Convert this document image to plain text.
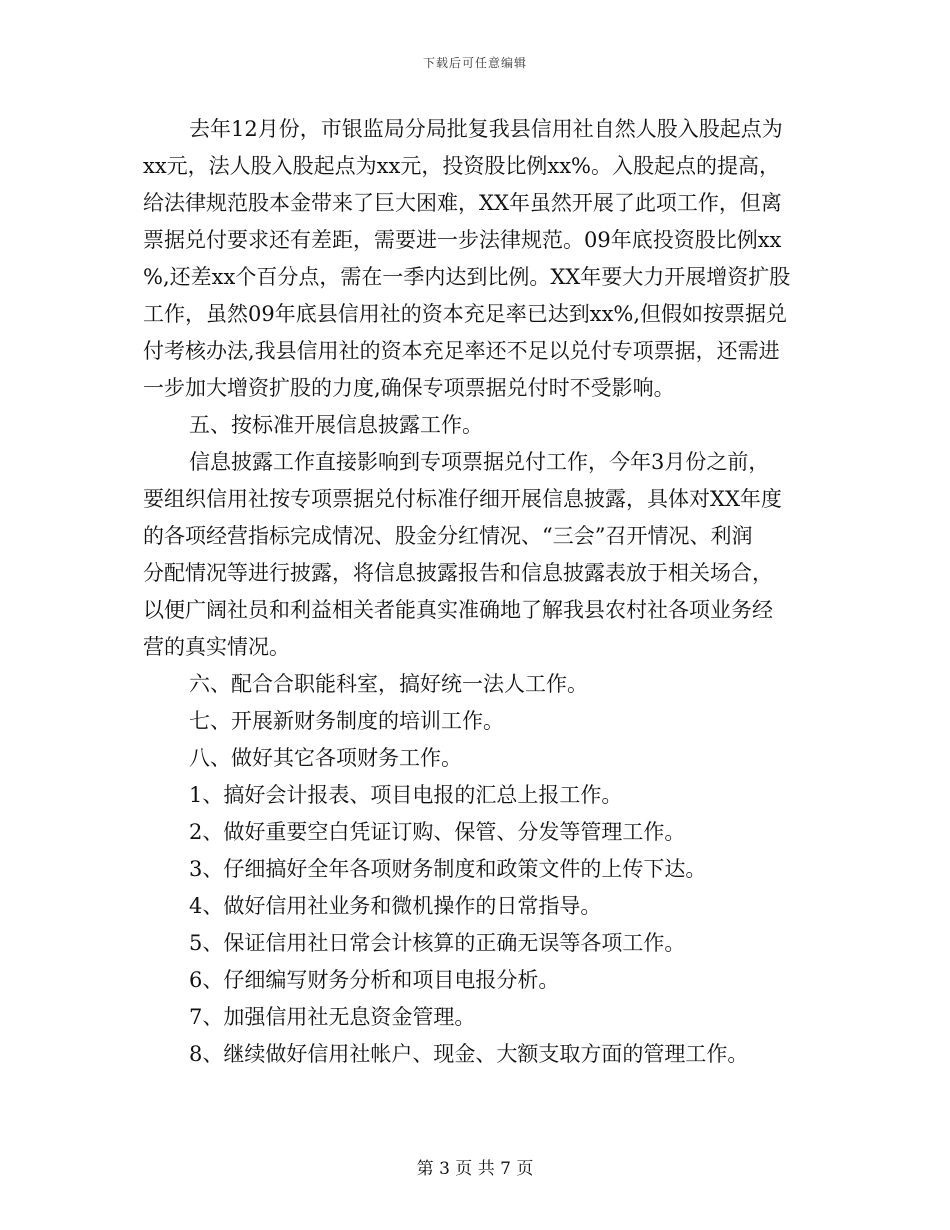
下载后可任意编辑
去年12月份，市银监局分局批复我县信用社自然人股入股起点为
xx元，法人股入股起点为xx元，投资股比例xx%。入股起点的提高，
给法律规范股本金带来了巨大困难，XX年虽然开展了此项工作，但离
票据兑付要求还有差距，需要进一步法律规范。09年底投资股比例xx
%,还差xx个百分点，需在一季内达到比例。XX年要大力开展增资扩股
工作，虽然09年底县信用社的资本充足率已达到xx%,但假如按票据兑
付考核办法,我县信用社的资本充足率还不足以兑付专项票据，还需进
一步加大增资扩股的力度,确保专项票据兑付时不受影响。
五、按标准开展信息披露工作。
信息披露工作直接影响到专项票据兑付工作，今年3月份之前，
要组织信用社按专项票据兑付标准仔细开展信息披露，具体对XX年度
的各项经营指标完成情况、股金分红情况、“三会”召开情况、利润
分配情况等进行披露，将信息披露报告和信息披露表放于相关场合，
以便广阔社员和利益相关者能真实准确地了解我县农村社各项业务经
营的真实情况。
六、配合合职能科室，搞好统一法人工作。
七、开展新财务制度的培训工作。
八、做好其它各项财务工作。
1、搞好会计报表、项目电报的汇总上报工作。
2、做好重要空白凭证订购、保管、分发等管理工作。
3、仔细搞好全年各项财务制度和政策文件的上传下达。
4、做好信用社业务和微机操作的日常指导。
5、保证信用社日常会计核算的正确无误等各项工作。
6、仔细编写财务分析和项目电报分析。
7、加强信用社无息资金管理。
8、继续做好信用社帐户、现金、大额支取方面的管理工作。
第 3 页 共 7 页
